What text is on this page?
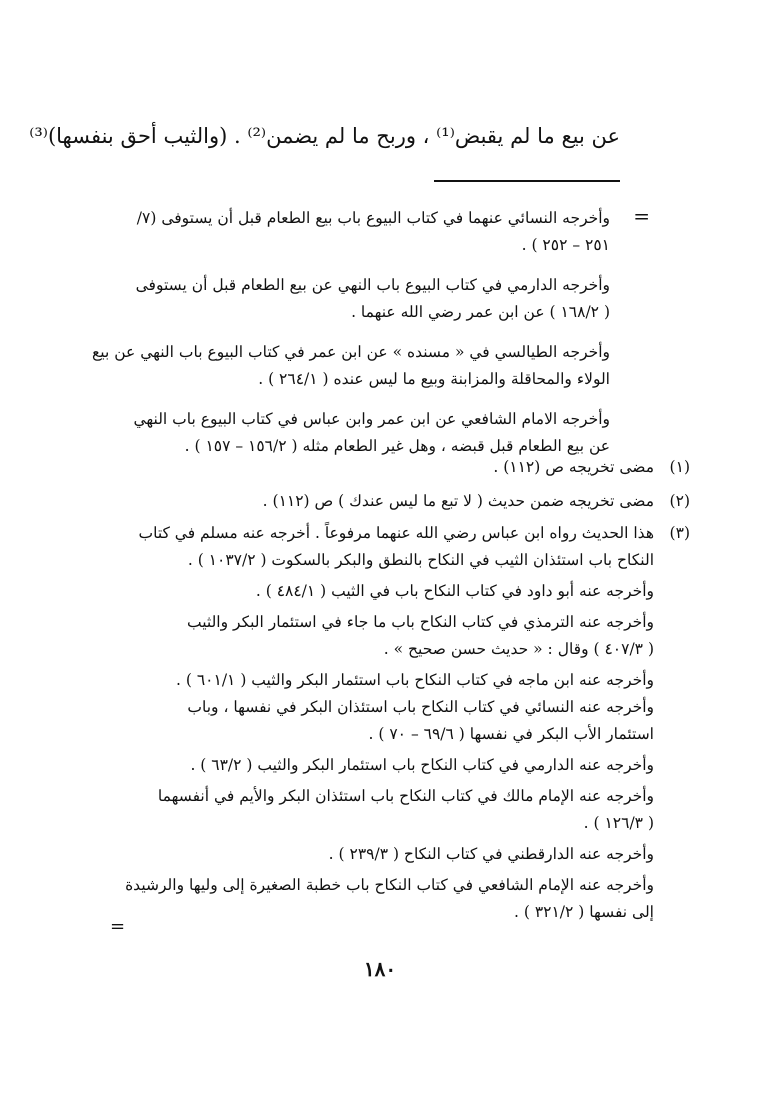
عن بيع ما لم يقبض⁽¹⁾ ، وربح ما لم يضمن⁽²⁾ . (والثيب أحق بنفسها)⁽³⁾
=
وأخرجه النسائي عنهما في كتاب البيوع باب بيع الطعام قبل أن يستوفى (٧/
٢٥١ – ٢٥٢ ) .
وأخرجه الدارمي في كتاب البيوع باب النهي عن بيع الطعام قبل أن يستوفى
( ١٦٨/٢ ) عن ابن عمر رضي الله عنهما .
وأخرجه الطيالسي في « مسنده » عن ابن عمر في كتاب البيوع باب النهي عن بيع
الولاء والمحاقلة والمزابنة وبيع ما ليس عنده ( ٢٦٤/١ ) .
وأخرجه الامام الشافعي عن ابن عمر وابن عباس في كتاب البيوع باب النهي
عن بيع الطعام قبل قبضه ، وهل غير الطعام مثله ( ١٥٦/٢ – ١٥٧ ) .
(١)
مضى تخريجه ص (١١٢) .
(٢)
مضى تخريجه ضمن حديث ( لا تبع ما ليس عندك ) ص (١١٢) .
(٣)
هذا الحديث رواه ابن عباس رضي الله عنهما مرفوعاً . أخرجه عنه مسلم في كتاب
النكاح باب استئذان الثيب في النكاح بالنطق والبكر بالسكوت ( ١٠٣٧/٢ ) .
وأخرجه عنه أبو داود في كتاب النكاح باب في الثيب ( ٤٨٤/١ ) .
وأخرجه عنه الترمذي في كتاب النكاح باب ما جاء في استئمار البكر والثيب
( ٤٠٧/٣ ) وقال : « حديث حسن صحيح » .
وأخرجه عنه ابن ماجه في كتاب النكاح باب استئمار البكر والثيب ( ٦٠١/١ ) .
وأخرجه عنه النسائي في كتاب النكاح باب استئذان البكر في نفسها ، وباب
استئمار الأب البكر في نفسها ( ٦٩/٦ – ٧٠ ) .
وأخرجه عنه الدارمي في كتاب النكاح باب استئمار البكر والثيب ( ٦٣/٢ ) .
وأخرجه عنه الإمام مالك في كتاب النكاح باب استئذان البكر والأيم في أنفسهما
( ١٢٦/٣ ) .
وأخرجه عنه الدارقطني في كتاب النكاح ( ٢٣٩/٣ ) .
وأخرجه عنه الإمام الشافعي في كتاب النكاح باب خطبة الصغيرة إلى وليها والرشيدة
إلى نفسها ( ٣٢١/٢ ) .
=
١٨٠
